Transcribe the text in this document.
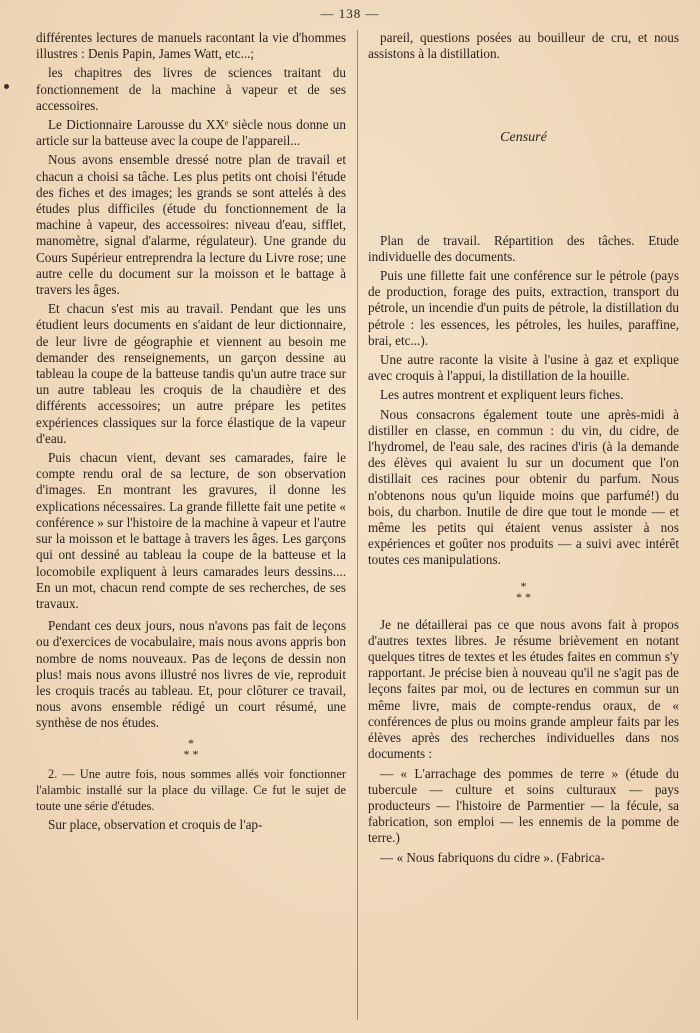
— 138 —

différentes lectures de manuels racontant la vie d'hommes illustres : Denis Papin, James Watt, etc...;

les chapitres des livres de sciences traitant du fonctionnement de la machine à vapeur et de ses accessoires.

Le Dictionnaire Larousse du XXᵉ siècle nous donne un article sur la batteuse avec la coupe de l'appareil...

Nous avons ensemble dressé notre plan de travail et chacun a choisi sa tâche. Les plus petits ont choisi l'étude des fiches et des images; les grands se sont attelés à des études plus difficiles (étude du fonctionnement de la machine à vapeur, des accessoires: niveau d'eau, sifflet, manomètre, signal d'alarme, régulateur). Une grande du Cours Supérieur entreprendra la lecture du Livre rose; une autre celle du document sur la moisson et le battage à travers les âges.

Et chacun s'est mis au travail. Pendant que les uns étudient leurs documents en s'aidant de leur dictionnaire, de leur livre de géographie et viennent au besoin me demander des renseignements, un garçon dessine au tableau la coupe de la batteuse tandis qu'un autre trace sur un autre tableau les croquis de la chaudière et des différents accessoires; un autre prépare les petites expériences classiques sur la force élastique de la vapeur d'eau.

Puis chacun vient, devant ses camarades, faire le compte rendu oral de sa lecture, de son observation d'images. En montrant les gravures, il donne les explications nécessaires. La grande fillette fait une petite « conférence » sur l'histoire de la machine à vapeur et l'autre sur la moisson et le battage à travers les âges. Les garçons qui ont dessiné au tableau la coupe de la batteuse et la locomobile expliquent à leurs camarades leurs dessins.... En un mot, chacun rend compte de ses recherches, de ses travaux.

Pendant ces deux jours, nous n'avons pas fait de leçons ou d'exercices de vocabulaire, mais nous avons appris bon nombre de noms nouveaux. Pas de leçons de dessin non plus! mais nous avons illustré nos livres de vie, reproduit les croquis tracés au tableau. Et, pour clôturer ce travail, nous avons ensemble rédigé un court résumé, une synthèse de nos études.

*
* *

2. — Une autre fois, nous sommes allés voir fonctionner l'alambic installé sur la place du village. Ce fut le sujet de toute une série d'études.

Sur place, observation et croquis de l'ap-

pareil, questions posées au bouilleur de cru, et nous assistons à la distillation.

Censuré

Plan de travail. Répartition des tâches. Etude individuelle des documents.

Puis une fillette fait une conférence sur le pétrole (pays de production, forage des puits, extraction, transport du pétrole, un incendie d'un puits de pétrole, la distillation du pétrole : les essences, les pétroles, les huiles, paraffine, brai, etc...).

Une autre raconte la visite à l'usine à gaz et explique avec croquis à l'appui, la distillation de la houille.

Les autres montrent et expliquent leurs fiches.

Nous consacrons également toute une après-midi à distiller en classe, en commun : du vin, du cidre, de l'hydromel, de l'eau sale, des racines d'iris (à la demande des élèves qui avaient lu sur un document que l'on distillait ces racines pour obtenir du parfum. Nous n'obtenons nous qu'un liquide moins que parfumé!) du bois, du charbon. Inutile de dire que tout le monde — et même les petits qui étaient venus assister à nos expériences et goûter nos produits — a suivi avec intérêt toutes ces manipulations.

*
* *

Je ne détaillerai pas ce que nous avons fait à propos d'autres textes libres. Je résume brièvement en notant quelques titres de textes et les études faites en commun s'y rapportant. Je précise bien à nouveau qu'il ne s'agit pas de leçons faites par moi, ou de lectures en commun sur un même livre, mais de compte-rendus oraux, de « conférences de plus ou moins grande ampleur faits par les élèves après des recherches individuelles dans nos documents :

— « L'arrachage des pommes de terre » (étude du tubercule — culture et soins culturaux — pays producteurs — l'histoire de Parmentier — la fécule, sa fabrication, son emploi — les ennemis de la pomme de terre.)

— « Nous fabriquons du cidre ». (Fabrica-
